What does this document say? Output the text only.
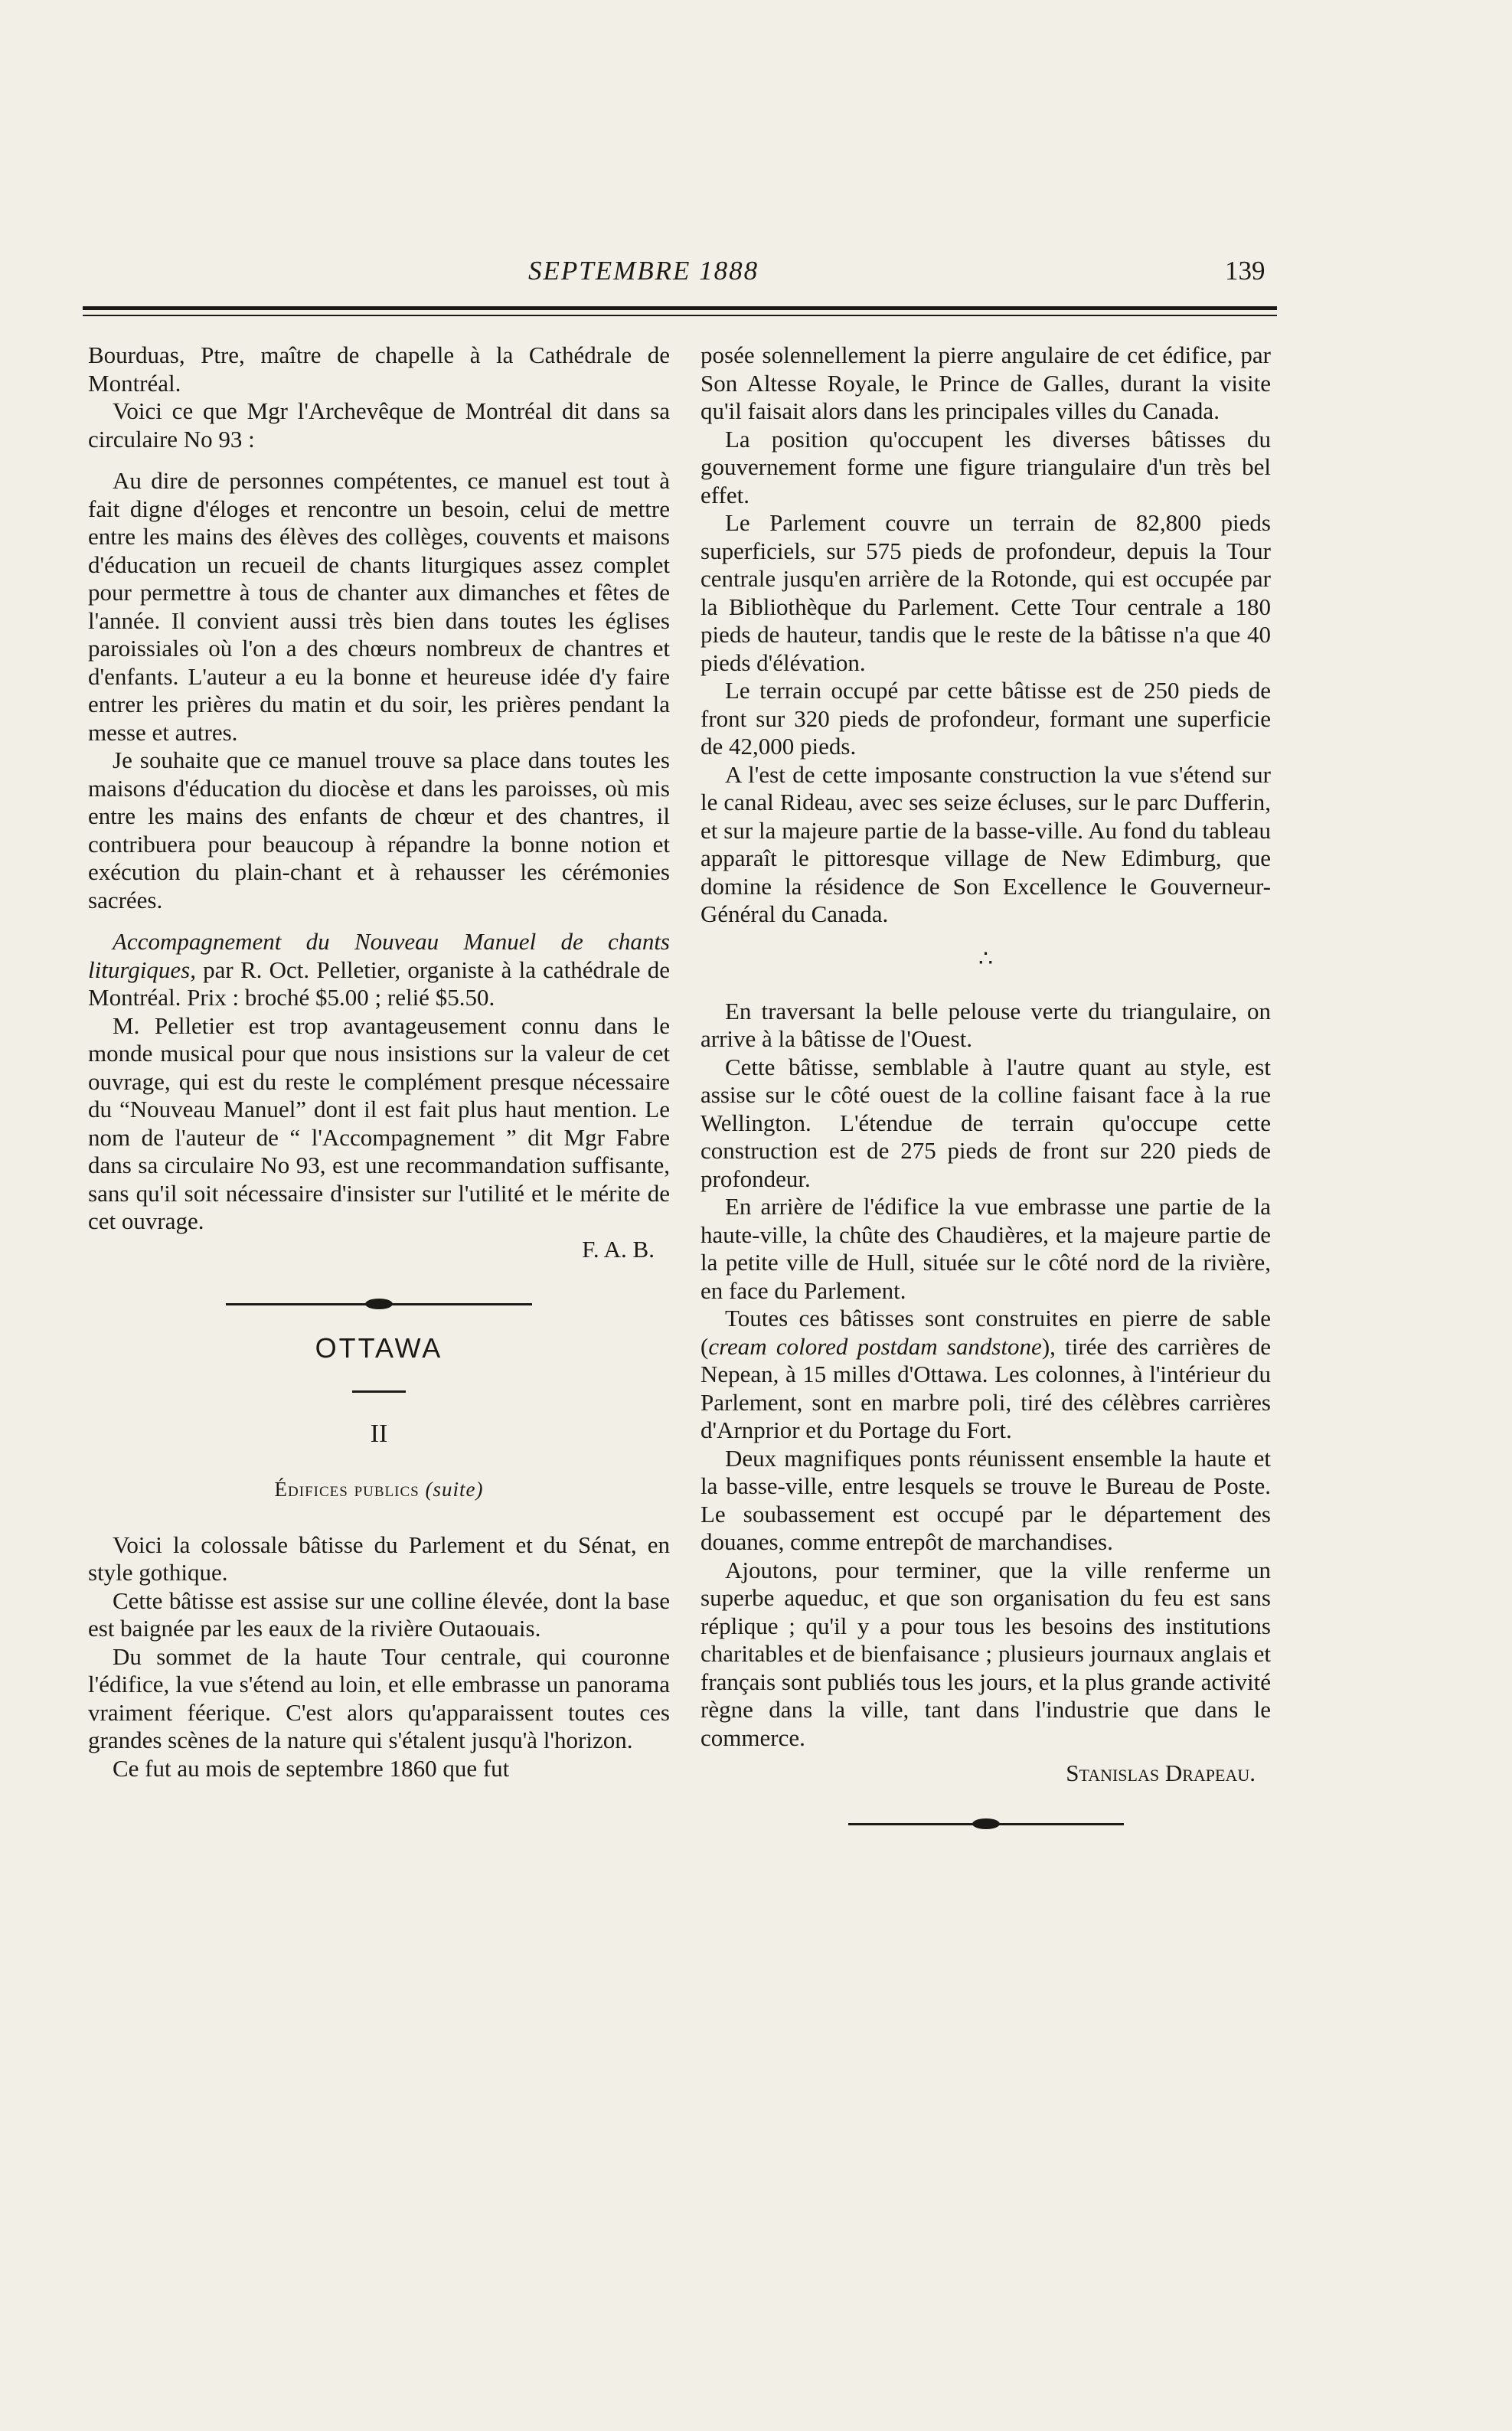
SEPTEMBRE 1888	139

Bourduas, Ptre, maître de chapelle à la Cathédrale de Montréal.

Voici ce que Mgr l'Archevêque de Montréal dit dans sa circulaire No 93 :

Au dire de personnes compétentes, ce manuel est tout à fait digne d'éloges et rencontre un besoin, celui de mettre entre les mains des élèves des collèges, couvents et maisons d'éducation un recueil de chants liturgiques assez complet pour permettre à tous de chanter aux dimanches et fêtes de l'année. Il convient aussi très bien dans toutes les églises paroissiales où l'on a des chœurs nombreux de chantres et d'enfants. L'auteur a eu la bonne et heureuse idée d'y faire entrer les prières du matin et du soir, les prières pendant la messe et autres.

Je souhaite que ce manuel trouve sa place dans toutes les maisons d'éducation du diocèse et dans les paroisses, où mis entre les mains des enfants de chœur et des chantres, il contribuera pour beaucoup à répandre la bonne notion et exécution du plain-chant et à rehausser les cérémonies sacrées.

Accompagnement du Nouveau Manuel de chants liturgiques, par R. Oct. Pelletier, organiste à la cathédrale de Montréal. Prix : broché $5.00 ; relié $5.50.

M. Pelletier est trop avantageusement connu dans le monde musical pour que nous insistions sur la valeur de cet ouvrage, qui est du reste le complément presque nécessaire du “Nouveau Manuel” dont il est fait plus haut mention. Le nom de l'auteur de “ l'Accompagnement ” dit Mgr Fabre dans sa circulaire No 93, est une recommandation suffisante, sans qu'il soit nécessaire d'insister sur l'utilité et le mérite de cet ouvrage.

F. A. B.

OTTAWA

II

Édifices publics (suite)

Voici la colossale bâtisse du Parlement et du Sénat, en style gothique.

Cette bâtisse est assise sur une colline élevée, dont la base est baignée par les eaux de la rivière Outaouais.

Du sommet de la haute Tour centrale, qui couronne l'édifice, la vue s'étend au loin, et elle embrasse un panorama vraiment féerique. C'est alors qu'apparaissent toutes ces grandes scènes de la nature qui s'étalent jusqu'à l'horizon.

Ce fut au mois de septembre 1860 que fut

posée solennellement la pierre angulaire de cet édifice, par Son Altesse Royale, le Prince de Galles, durant la visite qu'il faisait alors dans les principales villes du Canada.

La position qu'occupent les diverses bâtisses du gouvernement forme une figure triangulaire d'un très bel effet.

Le Parlement couvre un terrain de 82,800 pieds superficiels, sur 575 pieds de profondeur, depuis la Tour centrale jusqu'en arrière de la Rotonde, qui est occupée par la Bibliothèque du Parlement. Cette Tour centrale a 180 pieds de hauteur, tandis que le reste de la bâtisse n'a que 40 pieds d'élévation.

Le terrain occupé par cette bâtisse est de 250 pieds de front sur 320 pieds de profondeur, formant une superficie de 42,000 pieds.

A l'est de cette imposante construction la vue s'étend sur le canal Rideau, avec ses seize écluses, sur le parc Dufferin, et sur la majeure partie de la basse-ville. Au fond du tableau apparaît le pittoresque village de New Edimburg, que domine la résidence de Son Excellence le Gouverneur-Général du Canada.

∴

En traversant la belle pelouse verte du triangulaire, on arrive à la bâtisse de l'Ouest.

Cette bâtisse, semblable à l'autre quant au style, est assise sur le côté ouest de la colline faisant face à la rue Wellington. L'étendue de terrain qu'occupe cette construction est de 275 pieds de front sur 220 pieds de profondeur.

En arrière de l'édifice la vue embrasse une partie de la haute-ville, la chûte des Chaudières, et la majeure partie de la petite ville de Hull, située sur le côté nord de la rivière, en face du Parlement.

Toutes ces bâtisses sont construites en pierre de sable (cream colored postdam sandstone), tirée des carrières de Nepean, à 15 milles d'Ottawa. Les colonnes, à l'intérieur du Parlement, sont en marbre poli, tiré des célèbres carrières d'Arnprior et du Portage du Fort.

Deux magnifiques ponts réunissent ensemble la haute et la basse-ville, entre lesquels se trouve le Bureau de Poste. Le soubassement est occupé par le département des douanes, comme entrepôt de marchandises.

Ajoutons, pour terminer, que la ville renferme un superbe aqueduc, et que son organisation du feu est sans réplique ; qu'il y a pour tous les besoins des institutions charitables et de bienfaisance ; plusieurs journaux anglais et français sont publiés tous les jours, et la plus grande activité règne dans la ville, tant dans l'industrie que dans le commerce.

Stanislas Drapeau.
